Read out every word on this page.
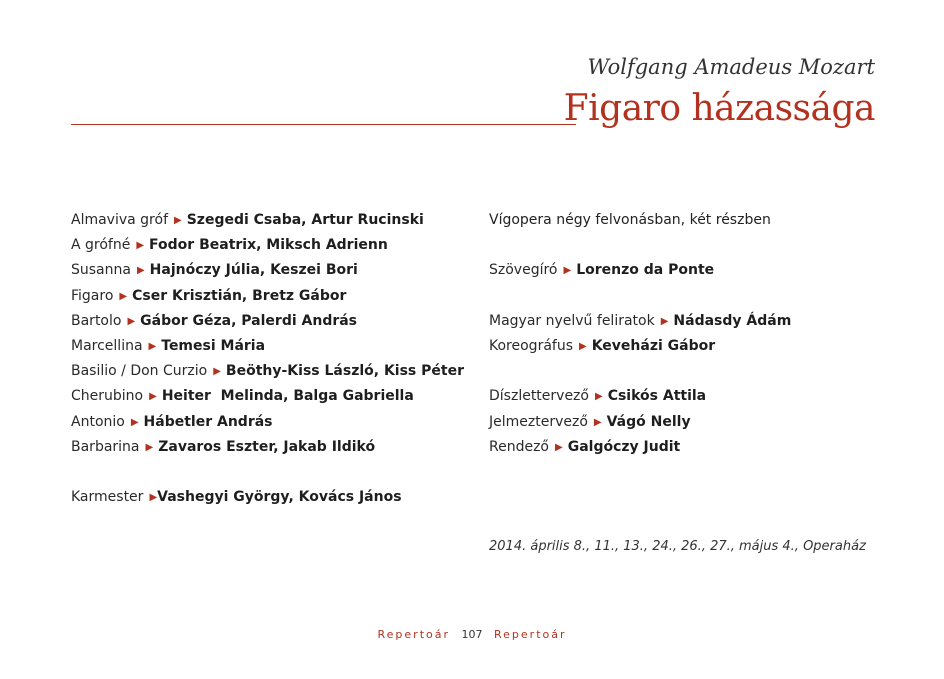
Wolfgang Amadeus Mozart
Figaro házassága
Almaviva gróf ▶ Szegedi Csaba, Artur Rucinski
A grófné ▶ Fodor Beatrix, Miksch Adrienn
Susanna ▶ Hajnóczy Júlia, Keszei Bori
Figaro ▶ Cser Krisztián, Bretz Gábor
Bartolo ▶ Gábor Géza, Palerdi András
Marcellina ▶ Temesi Mária
Basilio / Don Curzio ▶ Beöthy-Kiss László, Kiss Péter
Cherubino ▶ Heiter  Melinda, Balga Gabriella
Antonio ▶ Hábetler András
Barbarina ▶ Zavaros Eszter, Jakab Ildikó
Karmester ▶Vashegyi György, Kovács János
Vígopera négy felvonásban, két részben
Szövegíró ▶ Lorenzo da Ponte
Magyar nyelvű feliratok ▶ Nádasdy Ádám
Koreográfus ▶ Keveházi Gábor
Díszlettervező ▶ Csikós Attila
Jelmeztervező ▶ Vágó Nelly
Rendező ▶ Galgóczy Judit
2014. április 8., 11., 13., 24., 26., 27., május 4., Operaház
Repertoár 107 Repertoár
